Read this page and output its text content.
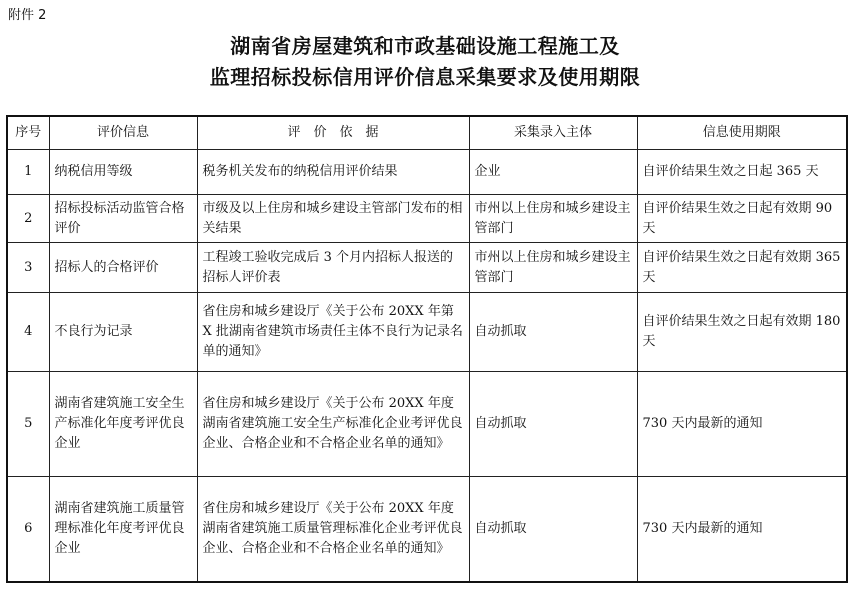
附件 2
湖南省房屋建筑和市政基础设施工程施工及
监理招标投标信用评价信息采集要求及使用期限
序号	评价信息	评　价　依　据	采集录入主体	信息使用期限
1	纳税信用等级	税务机关发布的纳税信用评价结果	企业	自评价结果生效之日起 365 天
2	招标投标活动监管合格评价	市级及以上住房和城乡建设主管部门发布的相关结果	市州以上住房和城乡建设主管部门	自评价结果生效之日起有效期 90 天
3	招标人的合格评价	工程竣工验收完成后 3 个月内招标人报送的招标人评价表	市州以上住房和城乡建设主管部门	自评价结果生效之日起有效期 365 天
4	不良行为记录	省住房和城乡建设厅《关于公布 20XX 年第 X 批湖南省建筑市场责任主体不良行为记录名单的通知》	自动抓取	自评价结果生效之日起有效期 180 天
5	湖南省建筑施工安全生产标准化年度考评优良企业	省住房和城乡建设厅《关于公布 20XX 年度湖南省建筑施工安全生产标准化企业考评优良企业、合格企业和不合格企业名单的通知》	自动抓取	730 天内最新的通知
6	湖南省建筑施工质量管理标准化年度考评优良企业	省住房和城乡建设厅《关于公布 20XX 年度湖南省建筑施工质量管理标准化企业考评优良企业、合格企业和不合格企业名单的通知》	自动抓取	730 天内最新的通知
